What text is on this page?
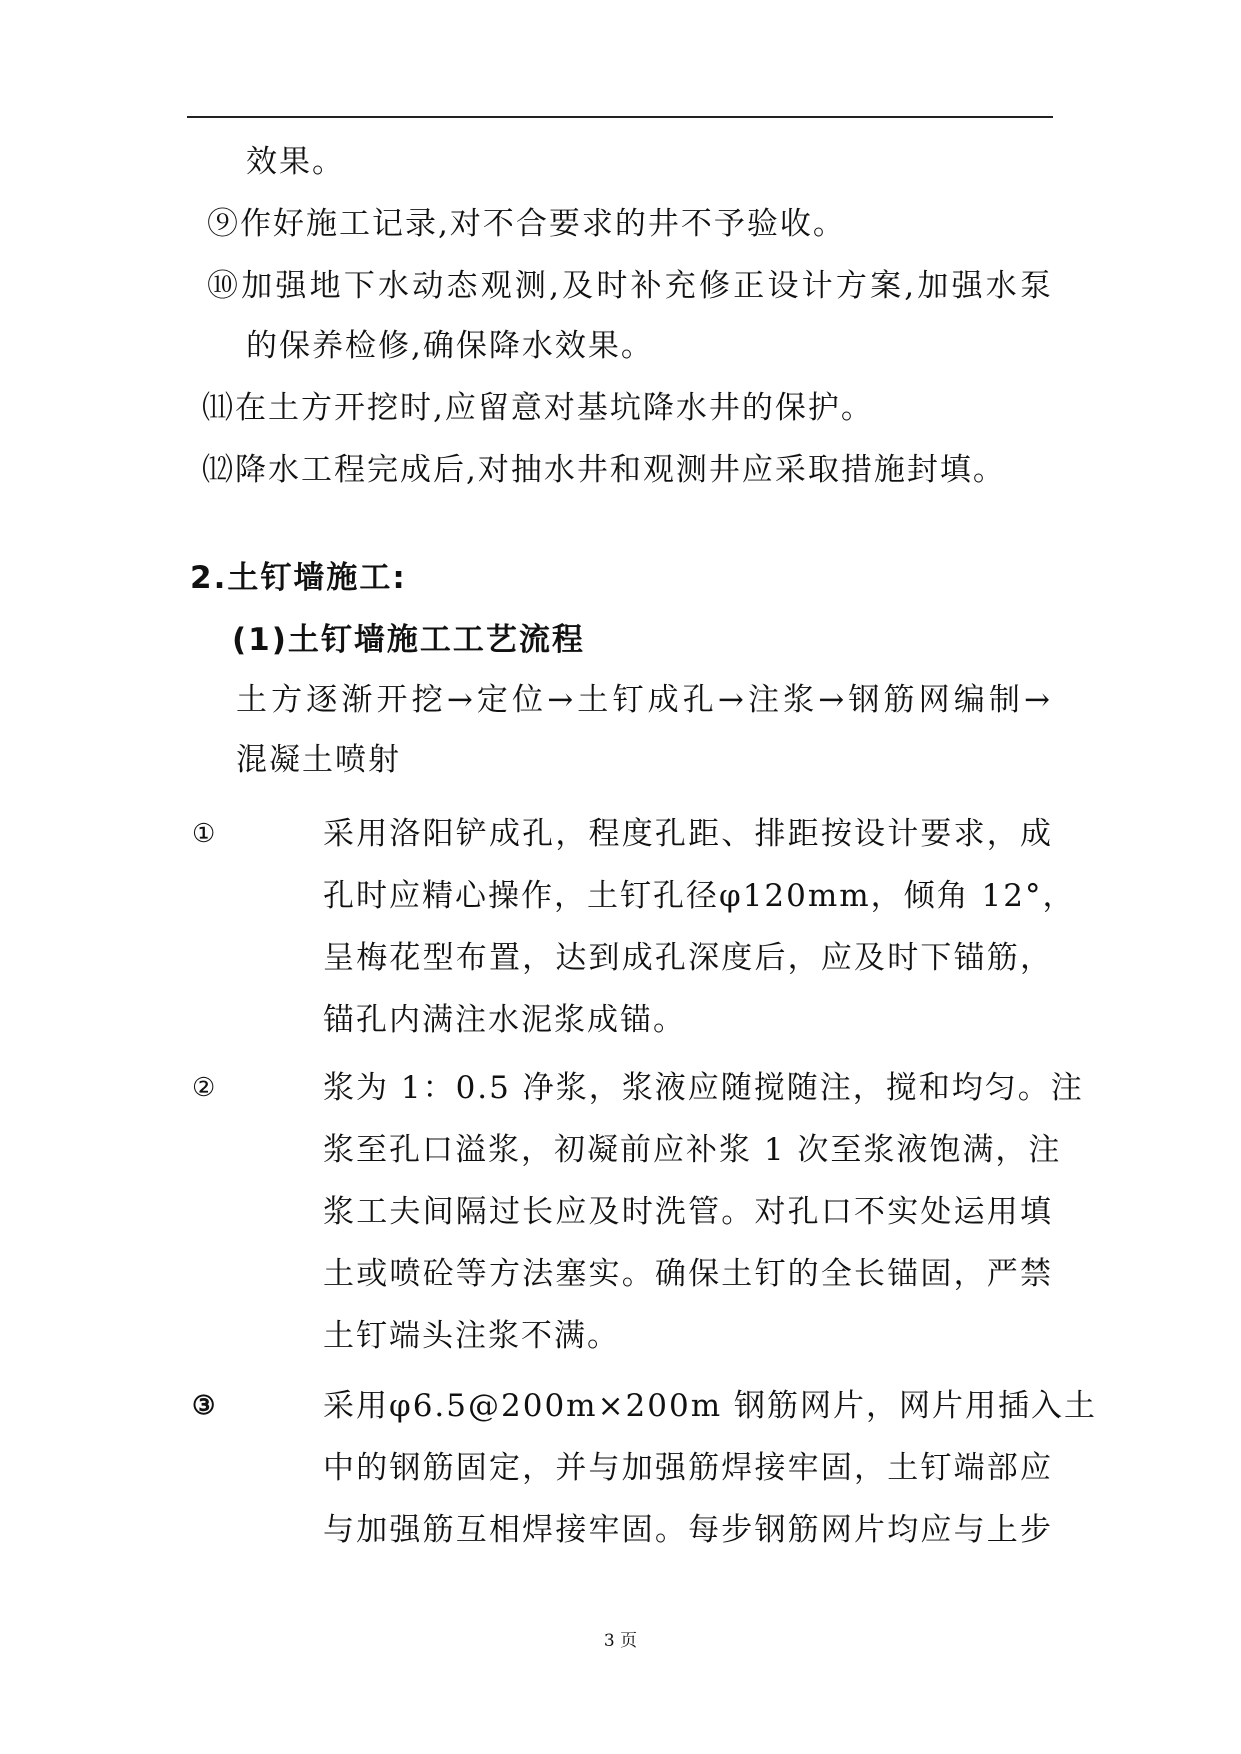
效果。
⑨作好施工记录,对不合要求的井不予验收。
⑩加强地下水动态观测,及时补充修正设计方案,加强水泵
的保养检修,确保降水效果。
⑾在土方开挖时,应留意对基坑降水井的保护。
⑿降水工程完成后,对抽水井和观测井应采取措施封填。
2.土钉墙施工:
(1)土钉墙施工工艺流程
土方逐渐开挖→定位→土钉成孔→注浆→钢筋网编制→
混凝土喷射
①	采用洛阳铲成孔，程度孔距、排距按设计要求，成
孔时应精心操作，土钉孔径φ120mm，倾角 12°，
呈梅花型布置，达到成孔深度后，应及时下锚筋，
锚孔内满注水泥浆成锚。
②	浆为 1：0.5 净浆，浆液应随搅随注，搅和均匀。注
浆至孔口溢浆，初凝前应补浆 1 次至浆液饱满，注
浆工夫间隔过长应及时洗管。对孔口不实处运用填
土或喷砼等方法塞实。确保土钉的全长锚固，严禁
土钉端头注浆不满。
③	采用φ6.5@200m×200m 钢筋网片，网片用插入土
中的钢筋固定，并与加强筋焊接牢固，土钉端部应
与加强筋互相焊接牢固。每步钢筋网片均应与上步
3 页
